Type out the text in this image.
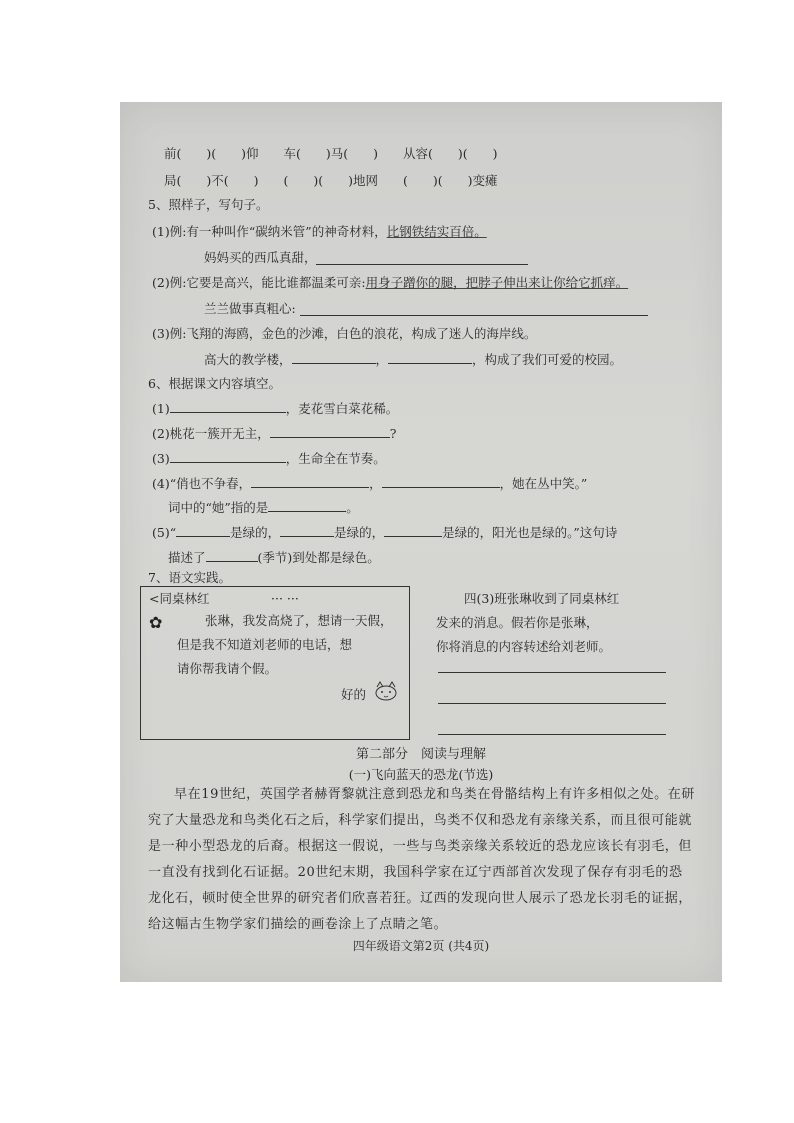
前(　　)(　　)仰　　车(　　)马(　　)　　从容(　　)(　　)
局(　　)不(　　)　　(　　)(　　)地网　　(　　)(　　)变瘫
5、照样子，写句子。
(1)例:有一种叫作“碳纳米管”的神奇材料，比钢铁结实百倍。
妈妈买的西瓜真甜，
(2)例:它要是高兴，能比谁都温柔可亲:用身子蹭你的腿，把脖子伸出来让你给它抓痒。
兰兰做事真粗心:
(3)例:飞翔的海鸥，金色的沙滩，白色的浪花，构成了迷人的海岸线。
高大的教学楼，	，	，构成了我们可爱的校园。
6、根据课文内容填空。
(1)	，麦花雪白菜花稀。
(2)桃花一簇开无主，	?
(3)	，生命全在节奏。
(4)“俏也不争春，	，	，她在丛中笑。”
词中的“她”指的是	。
(5)“	是绿的，	是绿的，	是绿的，阳光也是绿的。”这句诗
描述了	(季节)到处都是绿色。
7、语文实践。
<同桌林红	··· ···
✿	张琳，我发高烧了，想请一天假，
但是我不知道刘老师的电话，想
请你帮我请个假。
好的
四(3)班张琳收到了同桌林红
发来的消息。假若你是张琳，
你将消息的内容转述给刘老师。
第二部分　阅读与理解
(一)飞向蓝天的恐龙(节选)
早在19世纪，英国学者赫胥黎就注意到恐龙和鸟类在骨骼结构上有许多相似之处。在研究了大量恐龙和鸟类化石之后，科学家们提出，鸟类不仅和恐龙有亲缘关系，而且很可能就是一种小型恐龙的后裔。根据这一假说，一些与鸟类亲缘关系较近的恐龙应该长有羽毛，但一直没有找到化石证据。20世纪末期，我国科学家在辽宁西部首次发现了保存有羽毛的恐龙化石，顿时使全世界的研究者们欣喜若狂。辽西的发现向世人展示了恐龙长羽毛的证据，给这幅古生物学家们描绘的画卷涂上了点睛之笔。
四年级语文第2页 (共4页)
